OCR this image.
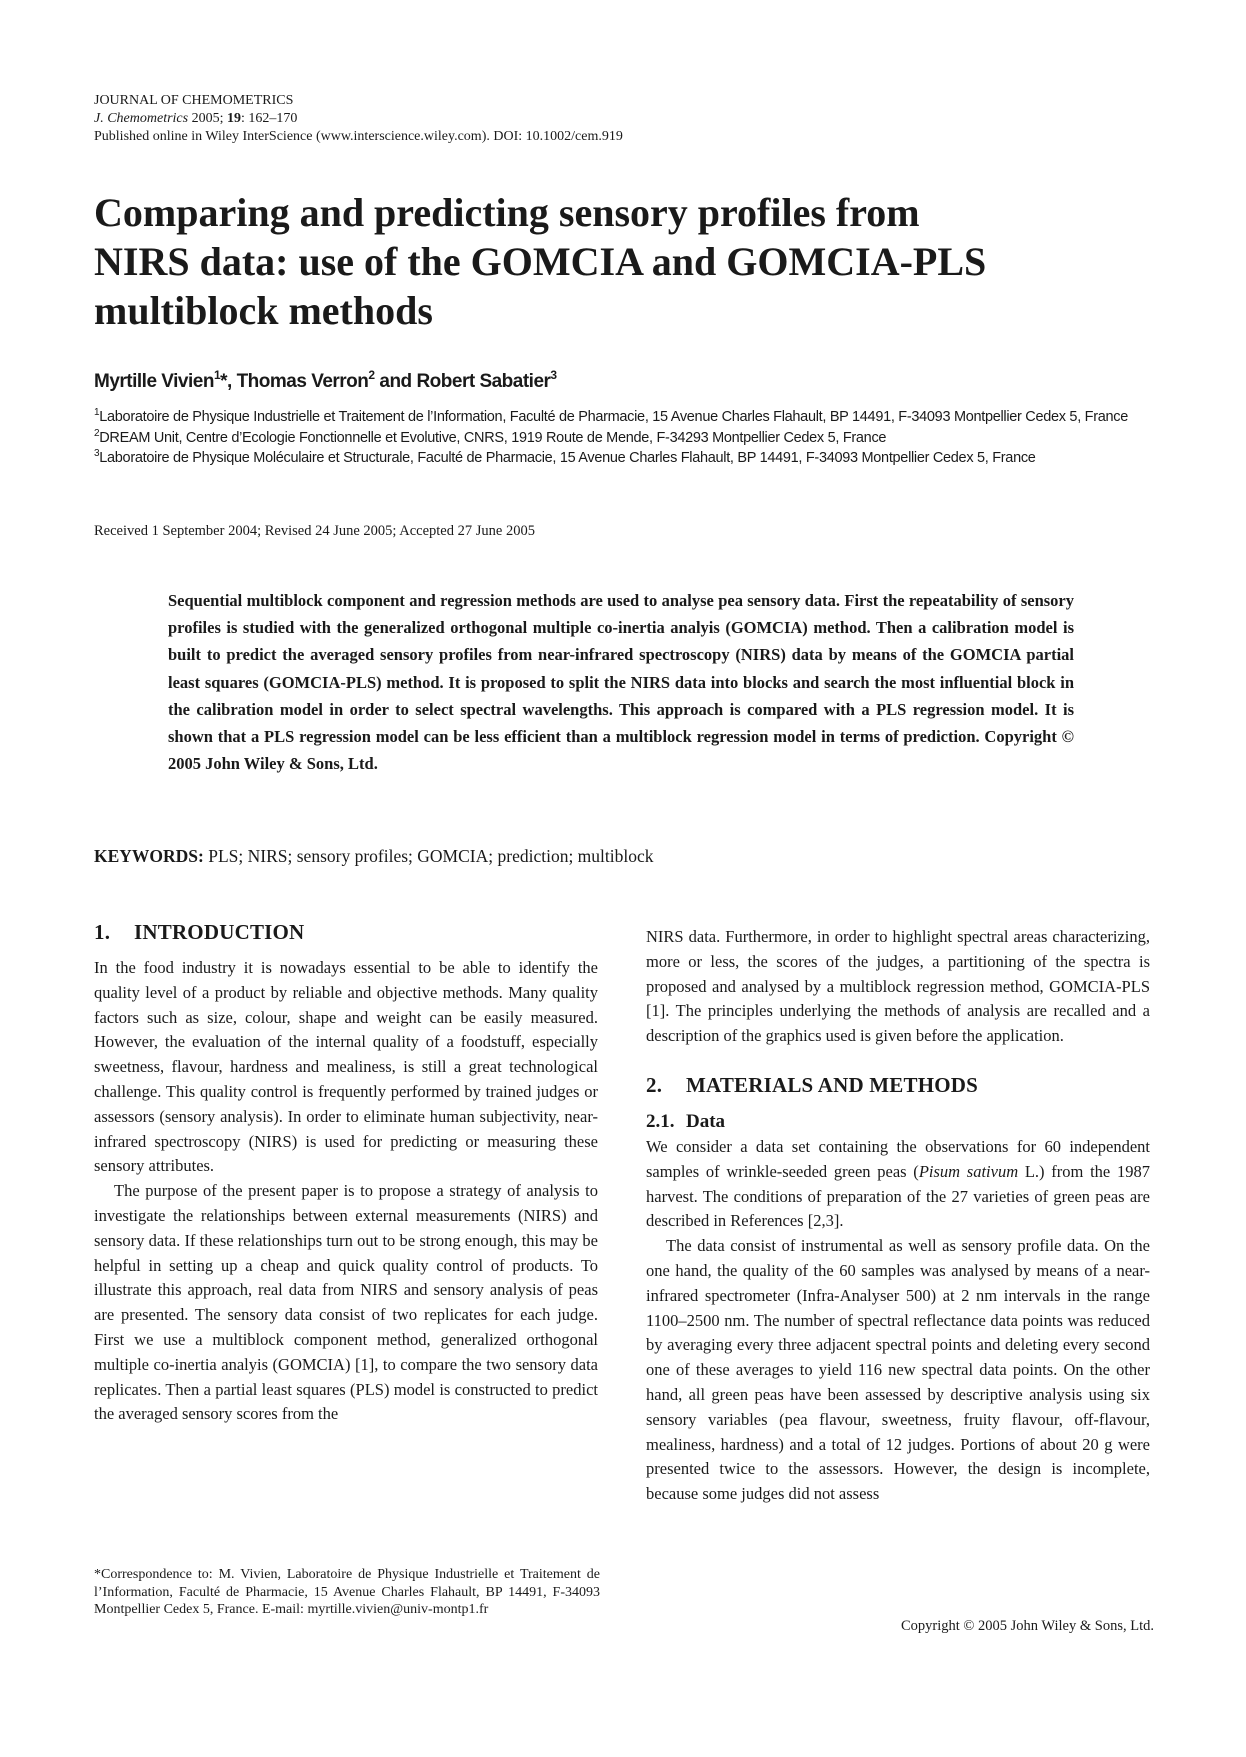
JOURNAL OF CHEMOMETRICS
J. Chemometrics 2005; 19: 162–170
Published online in Wiley InterScience (www.interscience.wiley.com). DOI: 10.1002/cem.919
Comparing and predicting sensory profiles from
NIRS data: use of the GOMCIA and GOMCIA-PLS
multiblock methods
Myrtille Vivien$^1$*, Thomas Verron$^2$ and Robert Sabatier$^3$
$^1$Laboratoire de Physique Industrielle et Traitement de l’Information, Faculté de Pharmacie, 15 Avenue Charles Flahault, BP 14491, F-34093 Montpellier Cedex 5, France
$^2$DREAM Unit, Centre d’Ecologie Fonctionnelle et Evolutive, CNRS, 1919 Route de Mende, F-34293 Montpellier Cedex 5, France
$^3$Laboratoire de Physique Moléculaire et Structurale, Faculté de Pharmacie, 15 Avenue Charles Flahault, BP 14491, F-34093 Montpellier Cedex 5, France
Received 1 September 2004; Revised 24 June 2005; Accepted 27 June 2005

Sequential multiblock component and regression methods are used to analyse pea sensory data. First the repeatability of sensory profiles is studied with the generalized orthogonal multiple co-inertia analyis (GOMCIA) method. Then a calibration model is built to predict the averaged sensory profiles from near-infrared spectroscopy (NIRS) data by means of the GOMCIA partial least squares (GOMCIA-PLS) method. It is proposed to split the NIRS data into blocks and search the most influential block in the calibration model in order to select spectral wavelengths. This approach is compared with a PLS regression model. It is shown that a PLS regression model can be less efficient than a multiblock regression model in terms of prediction. Copyright © 2005 John Wiley & Sons, Ltd.

KEYWORDS: PLS; NIRS; sensory profiles; GOMCIA; prediction; multiblock
1. INTRODUCTION

In the food industry it is nowadays essential to be able to identify the quality level of a product by reliable and objective methods. Many quality factors such as size, colour, shape and weight can be easily measured. However, the evaluation of the internal quality of a foodstuff, especially sweetness, flavour, hardness and mealiness, is still a great technological challenge. This quality control is frequently performed by trained judges or assessors (sensory analysis). In order to eliminate human subjectivity, near-infrared spectroscopy (NIRS) is used for predicting or measuring these sensory attributes.

The purpose of the present paper is to propose a strategy of analysis to investigate the relationships between external measurements (NIRS) and sensory data. If these relationships turn out to be strong enough, this may be helpful in setting up a cheap and quick quality control of products. To illustrate this approach, real data from NIRS and sensory analysis of peas are presented. The sensory data consist of two replicates for each judge. First we use a multiblock component method, generalized orthogonal multiple co-inertia analyis (GOMCIA) [1], to compare the two sensory data replicates. Then a partial least squares (PLS) model is constructed to predict the averaged sensory scores from the

NIRS data. Furthermore, in order to highlight spectral areas characterizing, more or less, the scores of the judges, a partitioning of the spectra is proposed and analysed by a multiblock regression method, GOMCIA-PLS [1]. The principles underlying the methods of analysis are recalled and a description of the graphics used is given before the application.

2. MATERIALS AND METHODS
2.1. Data

We consider a data set containing the observations for 60 independent samples of wrinkle-seeded green peas (Pisum sativum L.) from the 1987 harvest. The conditions of preparation of the 27 varieties of green peas are described in References [2,3].

The data consist of instrumental as well as sensory profile data. On the one hand, the quality of the 60 samples was analysed by means of a near-infrared spectrometer (Infra-Analyser 500) at 2 nm intervals in the range 1100–2500 nm. The number of spectral reflectance data points was reduced by averaging every three adjacent spectral points and deleting every second one of these averages to yield 116 new spectral data points. On the other hand, all green peas have been assessed by descriptive analysis using six sensory variables (pea flavour, sweetness, fruity flavour, off-flavour, mealiness, hardness) and a total of 12 judges. Portions of about 20 g were presented twice to the assessors. However, the design is incomplete, because some judges did not assess

*Correspondence to: M. Vivien, Laboratoire de Physique Industrielle et Traitement de l’Information, Faculté de Pharmacie, 15 Avenue Charles Flahault, BP 14491, F-34093 Montpellier Cedex 5, France. E-mail: myrtille.vivien@univ-montp1.fr
Copyright © 2005 John Wiley & Sons, Ltd.
